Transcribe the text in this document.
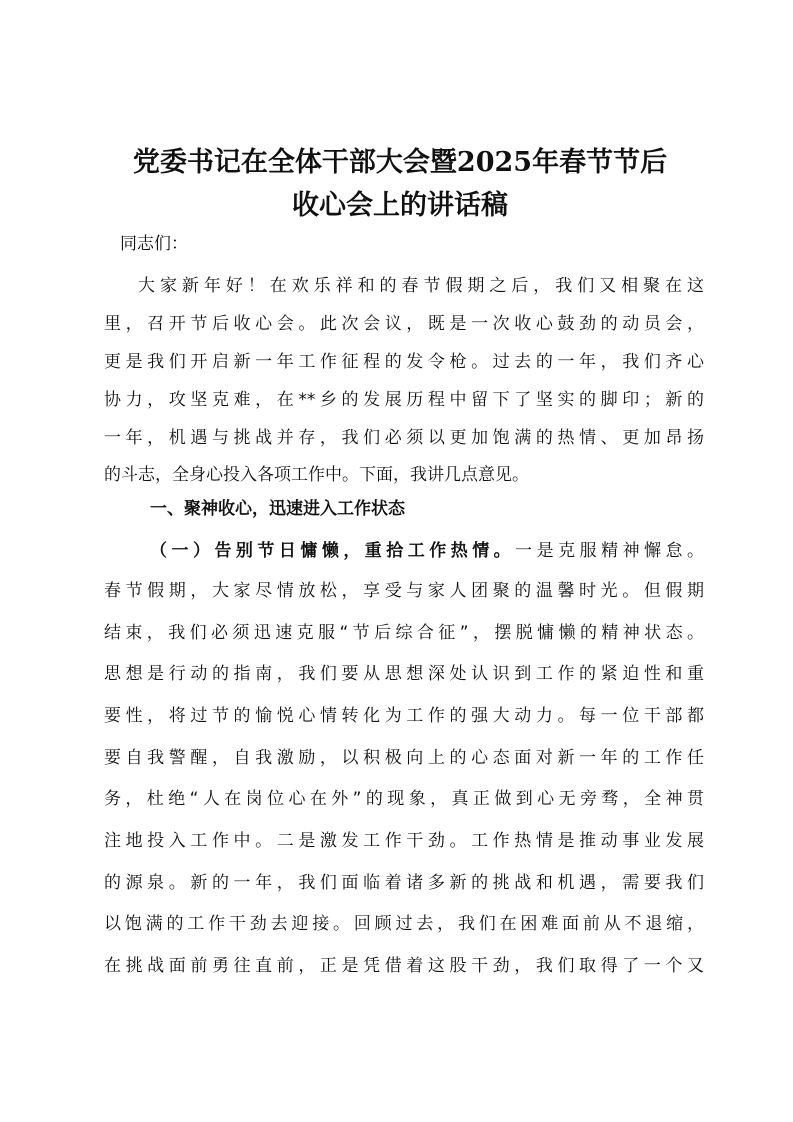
党委书记在全体干部大会暨2025年春节节后
收心会上的讲话稿
同志们：
大家新年好！在欢乐祥和的春节假期之后，我们又相聚在这
里，召开节后收心会。此次会议，既是一次收心鼓劲的动员会，
更是我们开启新一年工作征程的发令枪。过去的一年，我们齐心
协力，攻坚克难，在**乡的发展历程中留下了坚实的脚印；新的
一年，机遇与挑战并存，我们必须以更加饱满的热情、更加昂扬
的斗志，全身心投入各项工作中。下面，我讲几点意见。
一、聚神收心，迅速进入工作状态
（一）告别节日慵懒，重拾工作热情。一是克服精神懈怠。
春节假期，大家尽情放松，享受与家人团聚的温馨时光。但假期
结束，我们必须迅速克服“节后综合征”，摆脱慵懒的精神状态。
思想是行动的指南，我们要从思想深处认识到工作的紧迫性和重
要性，将过节的愉悦心情转化为工作的强大动力。每一位干部都
要自我警醒，自我激励，以积极向上的心态面对新一年的工作任
务，杜绝“人在岗位心在外”的现象，真正做到心无旁骛，全神贯
注地投入工作中。二是激发工作干劲。工作热情是推动事业发展
的源泉。新的一年，我们面临着诸多新的挑战和机遇，需要我们
以饱满的工作干劲去迎接。回顾过去，我们在困难面前从不退缩，
在挑战面前勇往直前，正是凭借着这股干劲，我们取得了一个又
